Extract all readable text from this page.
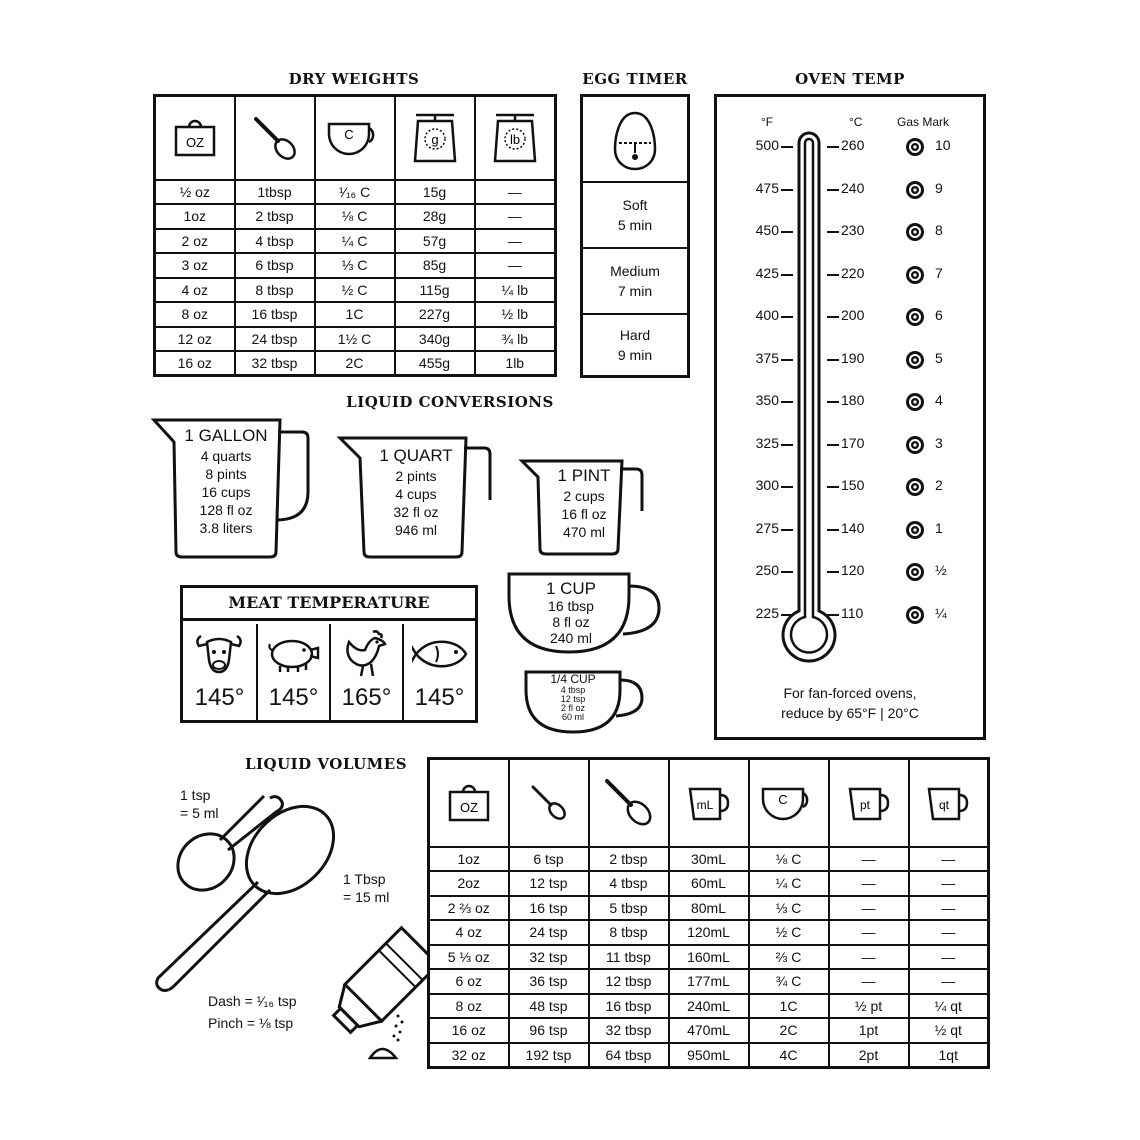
DRY WEIGHTS
OZ		C	g	lb

½ oz	1tbsp	¹⁄₁₆ C	15g	—
1oz	2 tbsp	⅛ C	28g	—
2 oz	4 tbsp	¼ C	57g	—
3 oz	6 tbsp	⅓ C	85g	—
4 oz	8 tbsp	½ C	115g	¼ lb
8 oz	16 tbsp	1C	227g	½ lb
12 oz	24 tbsp	1½ C	340g	¾ lb
16 oz	32 tbsp	2C	455g	1lb
EGG TIMER
Soft
5 min
Medium
7 min
Hard
9 min
OVEN TEMP
°F	°C	Gas Mark
500	260	10
475	240	9
450	230	8
425	220	7
400	200	6
375	190	5
350	180	4
325	170	3
300	150	2
275	140	1
250	120	½
225	110	¼
For fan-forced ovens,
reduce by 65°F | 20°C
LIQUID CONVERSIONS
1 GALLON
4 quarts
8 pints
16 cups
128 fl oz
3.8 liters
1 QUART
2 pints
4 cups
32 fl oz
946 ml
1 PINT
2 cups
16 fl oz
470 ml
1 CUP
16 tbsp
8 fl oz
240 ml
1/4 CUP
4 tbsp
12 tsp
2 fl oz
60 ml
MEAT TEMPERATURE
145°	145° 165° 145°
LIQUID VOLUMES
1 tsp
= 5 ml
1 Tbsp
= 15 ml
Dash = ¹⁄₁₆ tsp
Pinch = ⅛ tsp
OZ			mL	C	pt	qt

1oz	6 tsp	2 tbsp	30mL	⅛ C	—	—
2oz	12 tsp	4 tbsp	60mL	¼ C	—	—
2 ⅔ oz	16 tsp	5 tbsp	80mL	⅓ C	—	—
4 oz	24 tsp	8 tbsp	120mL	½ C	—	—
5 ⅓ oz	32 tsp	11 tbsp	160mL	⅔ C	—	—
6 oz	36 tsp	12 tbsp	177mL	¾ C	—	—
8 oz	48 tsp	16 tbsp	240mL	1C	½ pt	¼ qt
16 oz	96 tsp	32 tbsp	470mL	2C	1pt	½ qt
32 oz	192 tsp	64 tbsp	950mL	4C	2pt	1qt
